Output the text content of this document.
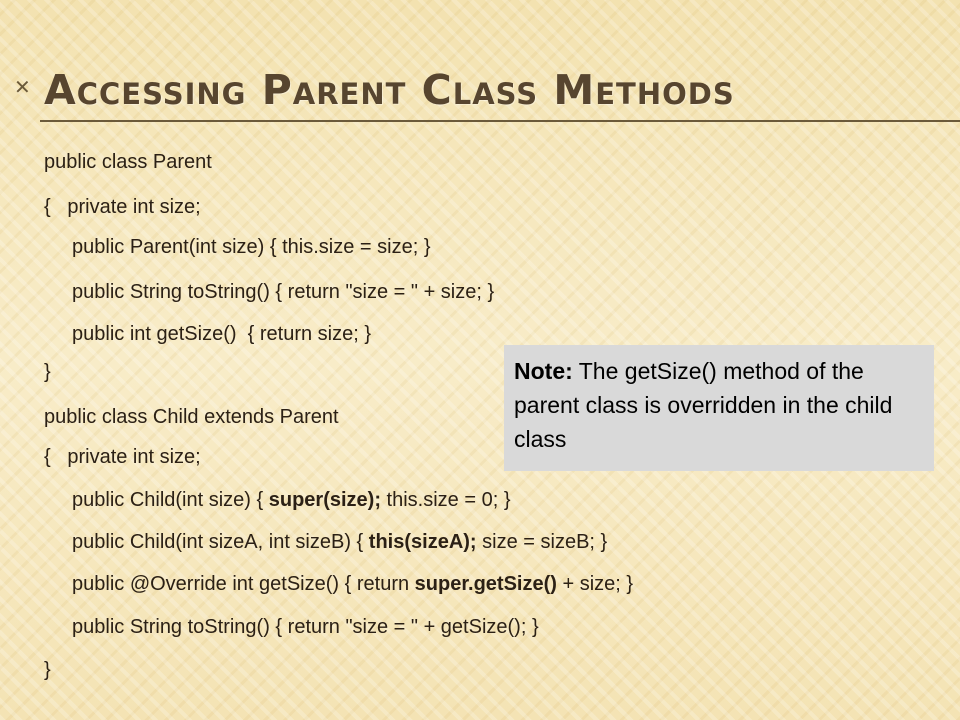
✕ Accessing Parent Class Methods
public class Parent
{   private int size;
public Parent(int size) { this.size = size; }
public String toString() { return "size = " + size; }
public int getSize()  { return size; }
}
public class Child extends Parent
{   private int size;
public Child(int size) { super(size); this.size = 0; }
public Child(int sizeA, int sizeB) { this(sizeA); size = sizeB; }
public @Override int getSize() { return super.getSize() + size; }
public String toString() { return "size = " + getSize(); }
}
Note: The getSize() method of the parent class is overridden in the child class
